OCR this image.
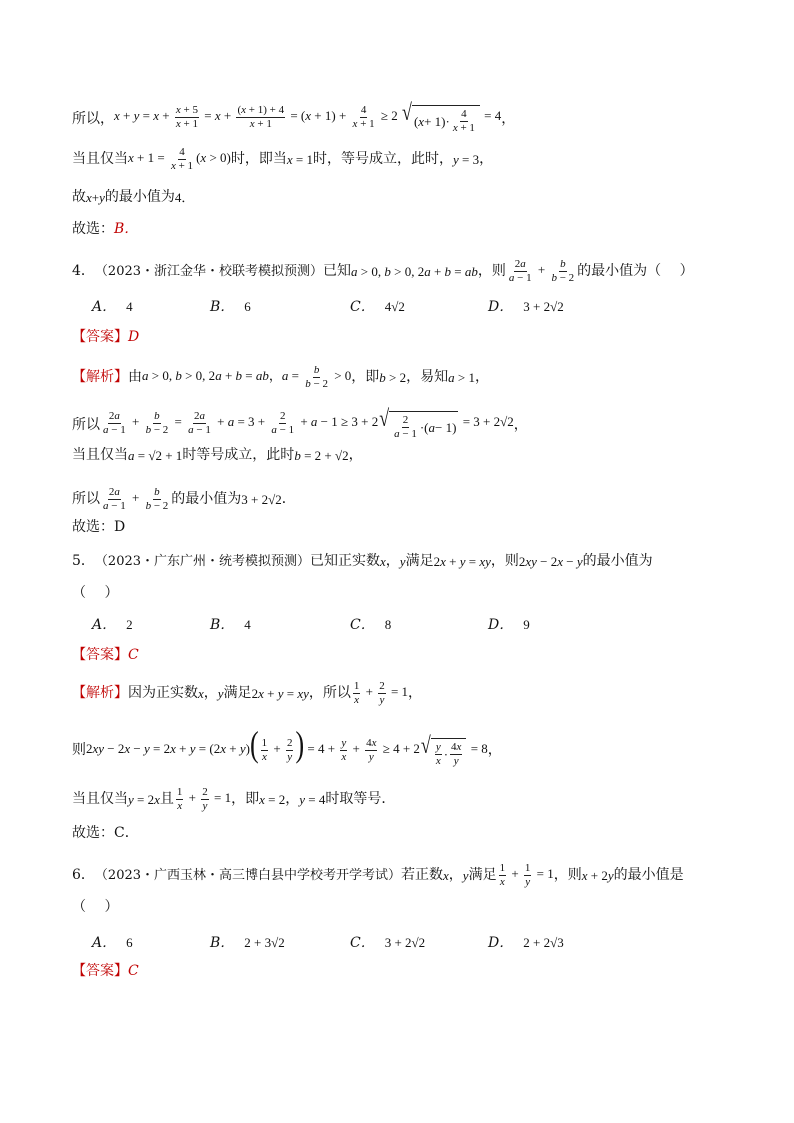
所以， $x + y = x + \frac{x + 5}{x + 1} = x + \frac{(x + 1) + 4}{x + 1} = (x + 1) + \frac{4}{x + 1} \ge 2$ √ ( $x + 1)\cdot \frac{4}{x + 1} = 4$ ，
当且仅当 $x + 1 = \frac{4}{x + 1} (x > 0)$ 时，即当 x = 1 时，等号成立，此时， y = 3 ，
故 x+y 的最小值为 4．
故选： B．
4． （2023・浙江金华・校联考模拟预测） 已知 a > 0, b > 0, 2a + b = ab ，则 $\frac{2a}{a - 1} + \frac{b}{b - 2}$ 的最小值为（　 ）
A． 4	B． 6	C． 4√2	D． 3 + 2√2
【答案】 D
【解析】 由 a > 0, b > 0, 2a + b = ab，$a = \frac{b}{b - 2} > 0$ ，即 b > 2 ，易知 a > 1 ，
所以 $\frac{2a}{a - 1} + \frac{b}{b - 2} = \frac{2a}{a - 1} + a = 3 + \frac{2}{a - 1} + a - 1 \ge 3 + 2$ √ $\frac{2}{a - 1}$ ·( a − 1) = 3 + 2√2 ，
当且仅当 a = √2 + 1 时等号成立，此时 b = 2 + √2 ，
所以 $\frac{2a}{a - 1} + \frac{b}{b - 2}$ 的最小值为 3 + 2√2 ．
故选：D
5． （2023・广东广州・统考模拟预测） 已知正实数 x ， y 满足 2x + y = xy ，则 2xy − 2x − y 的最小值为
（　 ）
A． 2	B． 4	C． 8	D． 9
【答案】 C
【解析】 因为正实数 x ， y 满足 2x + y = xy ，所以 $\frac{1}{x} + \frac{2}{y} = 1$ ，
则 $2xy - 2x - y = 2x + y = (2x + y)( \frac{1}{x} + \frac{2}{y}$ ) = $4 + \frac{y}{x} + \frac{4x}{y} \ge 4 + 2$ √ $\frac{y}{x} \cdot \frac{4x}{y} = 8$ ，
当且仅当 y = 2x 且 $\frac{1}{x} + \frac{2}{y} = 1$ ，即 x = 2 ， y = 4 时取等号．
故选：C．
6． （2023・广西玉林・高三博白县中学校考开学考试） 若正数 x ， y 满足 $\frac{1}{x} + \frac{1}{y} = 1$ ，则 x + 2y 的最小值是
（　 ）
A． 6	B． 2 + 3√2	C． 3 + 2√2	D． 2 + 2√3
【答案】 C
